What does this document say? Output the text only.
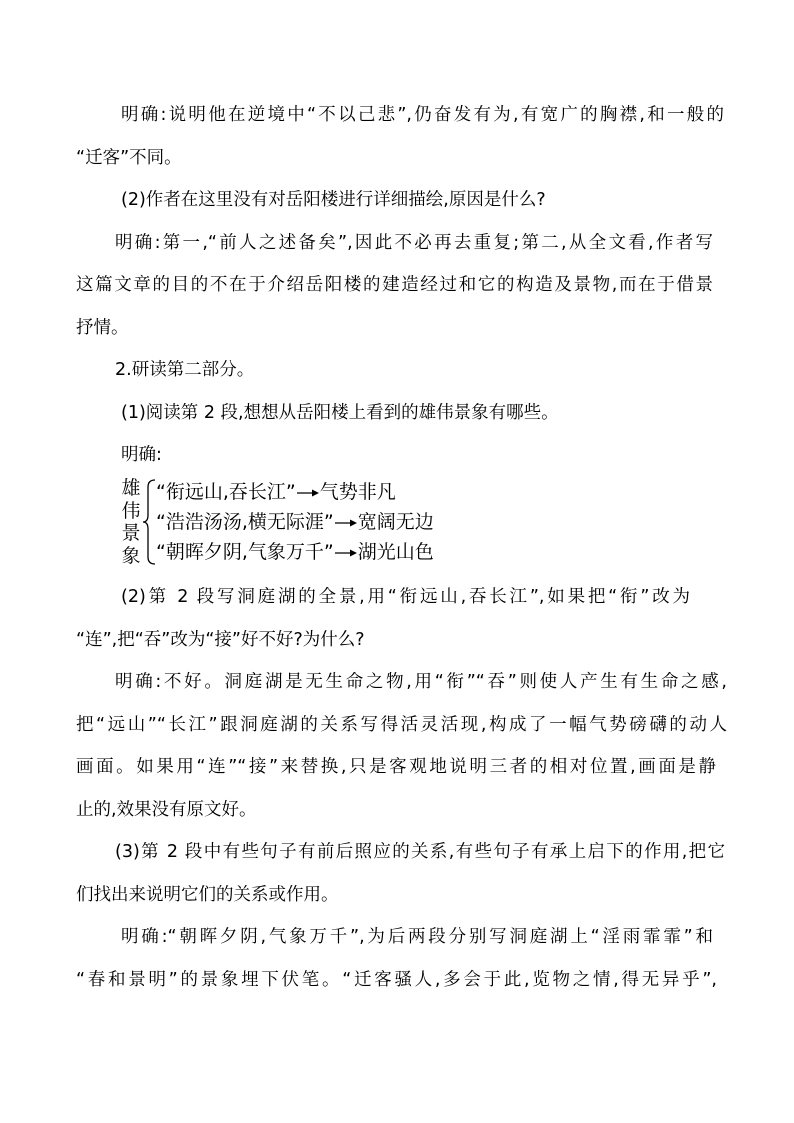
明确:说明他在逆境中“不以己悲”,仍奋发有为,有宽广的胸襟,和一般的
“迁客”不同。
(2)作者在这里没有对岳阳楼进行详细描绘,原因是什么?
明确:第一,“前人之述备矣”,因此不必再去重复;第二,从全文看,作者写
这篇文章的目的不在于介绍岳阳楼的建造经过和它的构造及景物,而在于借景
抒情。
2.研读第二部分。
(1)阅读第 2 段,想想从岳阳楼上看到的雄伟景象有哪些。
明确:
雄
伟
景
象
“衔远山,吞长江” 气势非凡
“浩浩汤汤,横无际涯” 宽阔无边
“朝晖夕阴,气象万千” 湖光山色
(2)第 2 段写洞庭湖的全景,用“衔远山,吞长江”,如果把“衔”改为
“连”,把“吞”改为“接”好不好?为什么?
明确:不好。洞庭湖是无生命之物,用“衔”“吞”则使人产生有生命之感,
把“远山”“长江”跟洞庭湖的关系写得活灵活现,构成了一幅气势磅礴的动人
画面。如果用“连”“接”来替换,只是客观地说明三者的相对位置,画面是静
止的,效果没有原文好。
(3)第 2 段中有些句子有前后照应的关系,有些句子有承上启下的作用,把它
们找出来说明它们的关系或作用。
明确:“朝晖夕阴,气象万千”,为后两段分别写洞庭湖上“淫雨霏霏”和
“春和景明”的景象埋下伏笔。“迁客骚人,多会于此,览物之情,得无异乎”,
